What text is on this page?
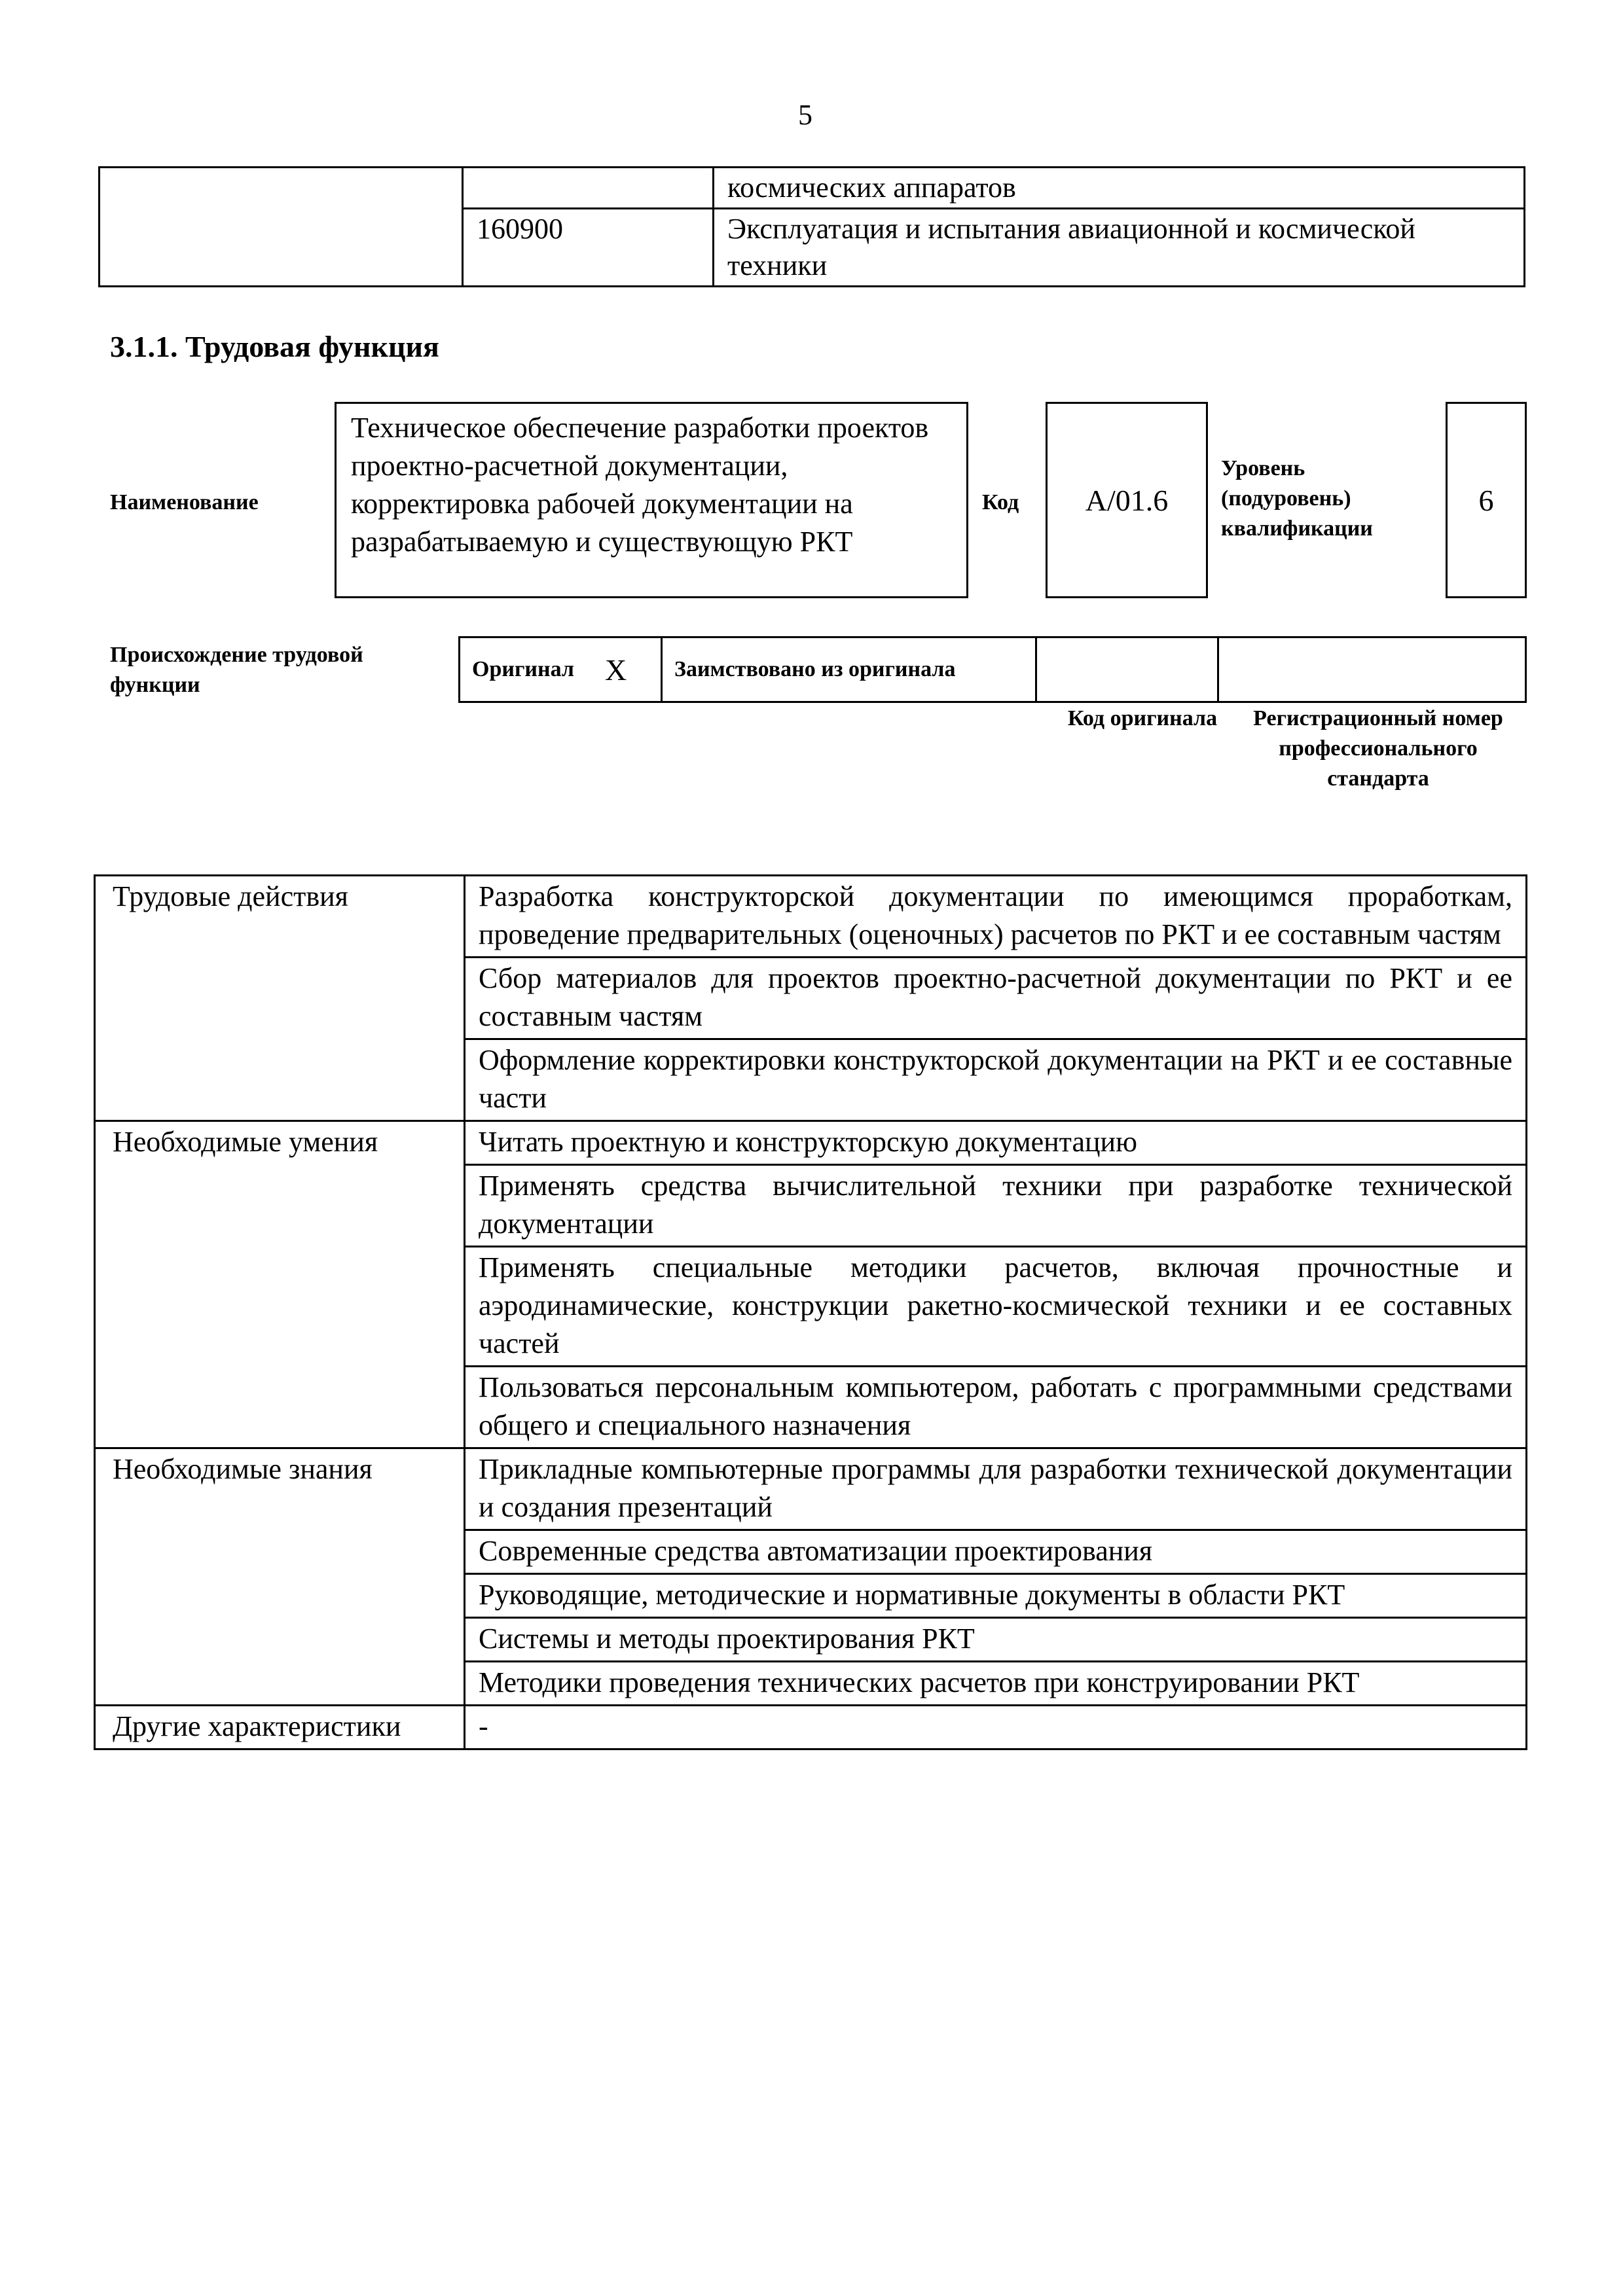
5
		космических аппаратов
	160900	Эксплуатация и испытания авиационной и космической техники
3.1.1. Трудовая функция
Наименование
Техническое обеспечение разработки проектов проектно-расчетной документации, корректировка рабочей документации на разрабатываемую и существующую РКТ
Код A/01.6
Уровень (подуровень) квалификации
6
Происхождение трудовой функции
Оригинал	X	Заимствовано из оригинала		
Код оригинала	Регистрационный номер профессионального стандарта
Трудовые действия	Разработка конструкторской документации по имеющимся проработкам, проведение предварительных (оценочных) расчетов по РКТ и ее составным частям
	Сбор материалов для проектов проектно-расчетной документации по РКТ и ее составным частям
	Оформление корректировки конструкторской документации на РКТ и ее составные части
Необходимые умения	Читать проектную и конструкторскую документацию
	Применять средства вычислительной техники при разработке технической документации
	Применять специальные методики расчетов, включая прочностные и аэродинамические, конструкции ракетно-космической техники и ее составных частей
	Пользоваться персональным компьютером, работать с программными средствами общего и специального назначения
Необходимые знания	Прикладные компьютерные программы для разработки технической документации и создания презентаций
	Современные средства автоматизации проектирования
	Руководящие, методические и нормативные документы в области РКТ
	Системы и методы проектирования РКТ
	Методики проведения технических расчетов при конструировании РКТ
Другие характеристики	-
